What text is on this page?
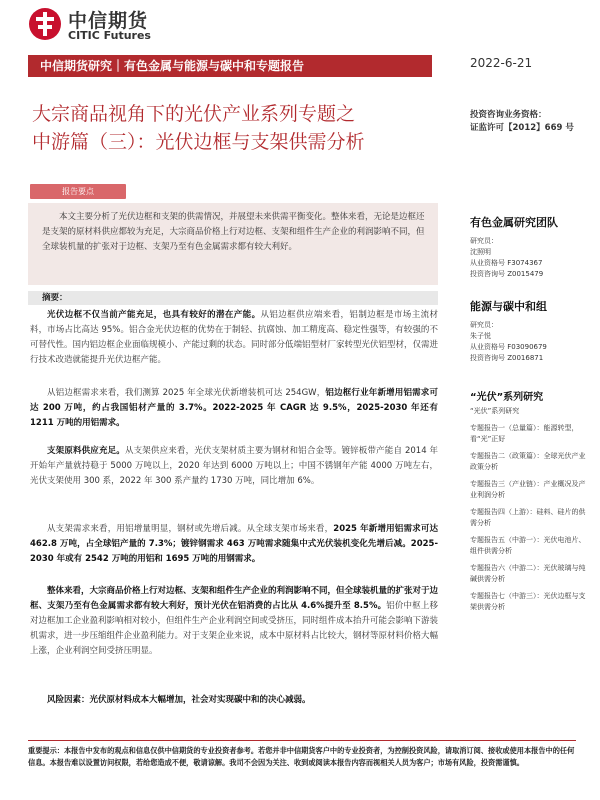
中信期货
CITIC Futures
中信期货研究｜有色金属与能源与碳中和专题报告	2022-6-21
大宗商品视角下的光伏产业系列专题之
中游篇（三）：光伏边框与支架供需分析
投资咨询业务资格：
证监许可【2012】669 号
报告要点
本文主要分析了光伏边框和支架的供需情况，并展望未来供需平衡变化。整体来看，无论是边框还是支架的原材料供应都较为充足，大宗商品价格上行对边框、支架和组件生产企业的利润影响不同，但全球装机量的扩张对于边框、支架乃至有色金属需求都有较大利好。
摘要：
光伏边框不仅当前产能充足，也具有较好的潜在产能。从铝边框供应端来看，铝制边框是市场主流材料，市场占比高达 95%。铝合金光伏边框的优势在于制轻、抗腐蚀、加工精度高、稳定性强等，有较强的不可替代性。国内铝边框企业面临规模小、产能过剩的状态。同时部分低端铝型材厂家转型光伏铝型材，仅需进行技术改造就能提升光伏边框产能。
从铝边框需求来看，我们测算 2025 年全球光伏新增装机可达 254GW，铝边框行业年新增用铝需求可达 200 万吨，约占我国铝材产量的 3.7%。2022-2025 年 CAGR 达 9.5%，2025-2030 年还有 1211 万吨的用铝需求。
支架原料供应充足。从支架供应来看，光伏支架材质主要为钢材和铝合金等。镀锌板带产能自 2014 年开始年产量就持稳于 5000 万吨以上，2020 年达到 6000 万吨以上；中国不锈钢年产能 4000 万吨左右，光伏支架使用 300 系，2022 年 300 系产量约 1730 万吨，同比增加 6%。
从支架需求来看，用铝增量明显，钢材或先增后减。从全球支架市场来看，2025 年新增用铝需求可达 462.8 万吨，占全球铝产量的 7.3%；镀锌钢需求 463 万吨需求随集中式光伏装机变化先增后减。2025-2030 年或有 2542 万吨的用铝和 1695 万吨的用钢需求。
整体来看，大宗商品价格上行对边框、支架和组件生产企业的利润影响不同，但全球装机量的扩张对于边框、支架乃至有色金属需求都有较大利好，预计光伏在铝消费的占比从 4.6%提升至 8.5%。铝价中枢上移对边框加工企业盈利影响相对较小，但组件生产企业利润空间或受挤压，同时组件成本抬升可能会影响下游装机需求，进一步压缩组件企业盈利能力。对于支架企业来说，成本中原材料占比较大，钢材等原材料价格大幅上涨，企业利润空间受挤压明显。
风险因素：光伏原材料成本大幅增加，社会对实现碳中和的决心减弱。
有色金属研究团队
研究员：
沈照明
从业资格号 F3074367
投资咨询号 Z0015479
能源与碳中和组
研究员：
朱子悦
从业资格号 F03090679
投资咨询号 Z0016871
“光伏”系列研究
“光伏”系列研究
专题报告一（总量篇）：能源转型，看“光”正好
专题报告二（政策篇）：全球光伏产业政策分析
专题报告三（产业链）：产业概况及产业利润分析
专题报告四（上游）：硅料、硅片的供需分析
专题报告五（中游一）：光伏电池片、组件供需分析
专题报告六（中游二）：光伏玻璃与纯碱供需分析
专题报告七（中游三）：光伏边框与支架供需分析
重要提示：本报告中发布的观点和信息仅供中信期货的专业投资者参考。若您并非中信期货客户中的专业投资者，为控制投资风险，请取消订阅、接收或使用本报告中的任何信息。本报告难以设置访问权限，若给您造成不便，敬请谅解。我司不会因为关注、收到或阅读本报告内容而视相关人员为客户；市场有风险，投资需谨慎。
